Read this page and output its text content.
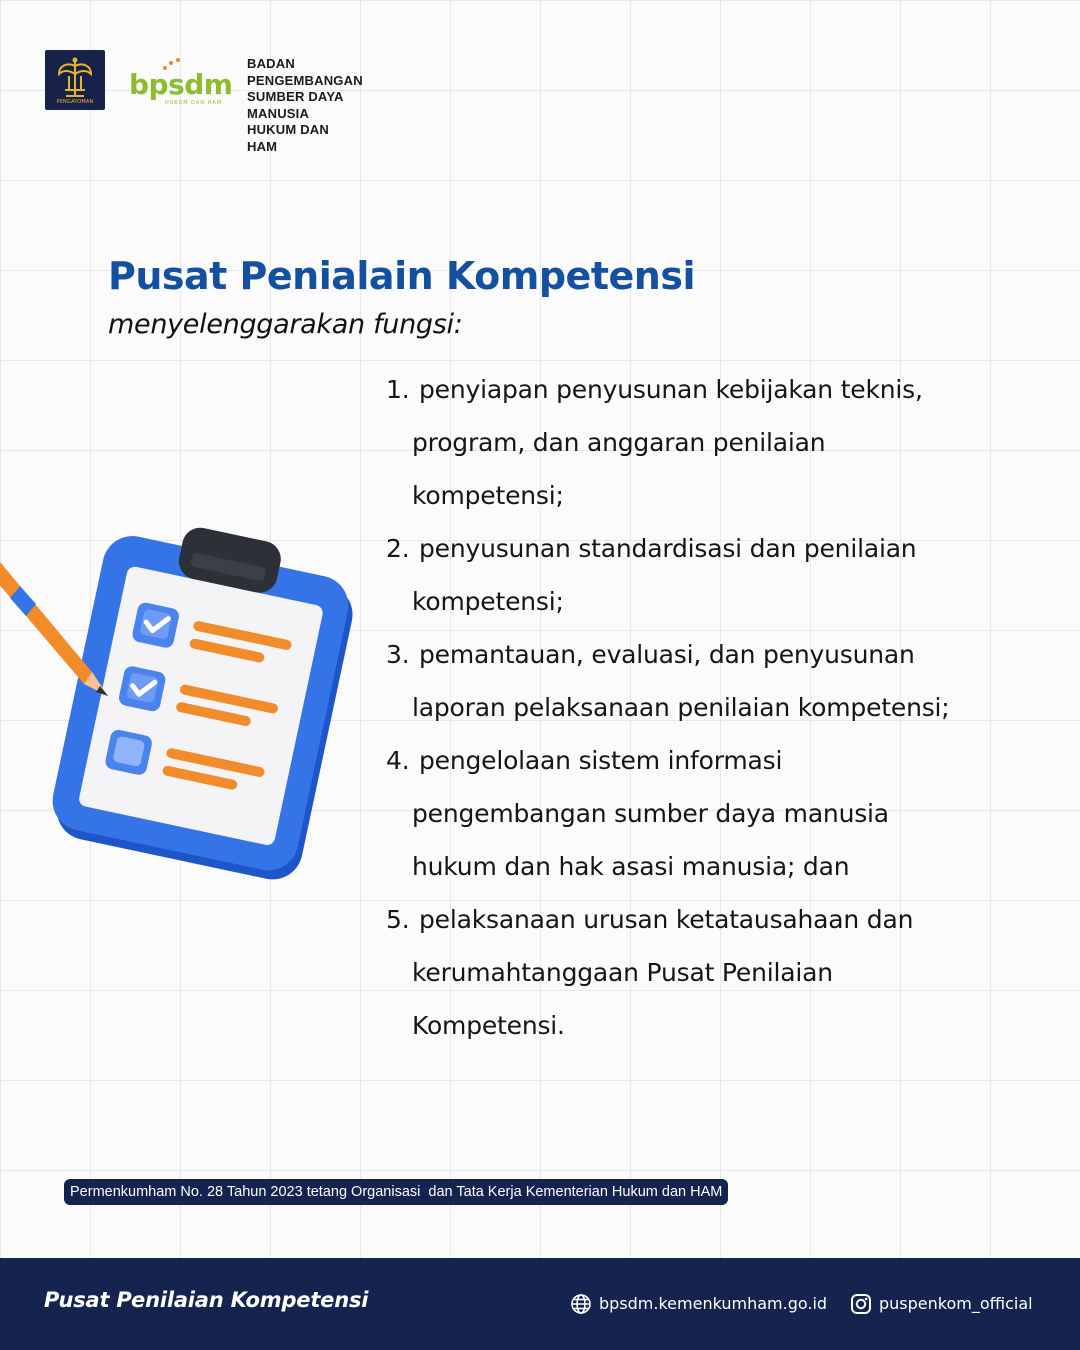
PENGAYOMAN
bpsdm
HUKUM DAN HAM
BADAN PENGEMBANGAN
SUMBER DAYA MANUSIA
HUKUM DAN HAM
Pusat Penialain Kompetensi

menyelenggarakan fungsi:

1. penyiapan penyusunan kebijakan teknis,
program, dan anggaran penilaian
kompetensi;
2. penyusunan standardisasi dan penilaian
kompetensi;
3. pemantauan, evaluasi, dan penyusunan
laporan pelaksanaan penilaian kompetensi;
4. pengelolaan sistem informasi
pengembangan sumber daya manusia
hukum dan hak asasi manusia; dan
5. pelaksanaan urusan ketatausahaan dan
kerumahtanggaan Pusat Penilaian
Kompetensi.
Permenkumham No. 28 Tahun 2023 tetang Organisasi  dan Tata Kerja Kementerian Hukum dan HAM
Pusat Penilaian Kompetensi	bpsdm.kemenkumham.go.id	puspenkom_official
